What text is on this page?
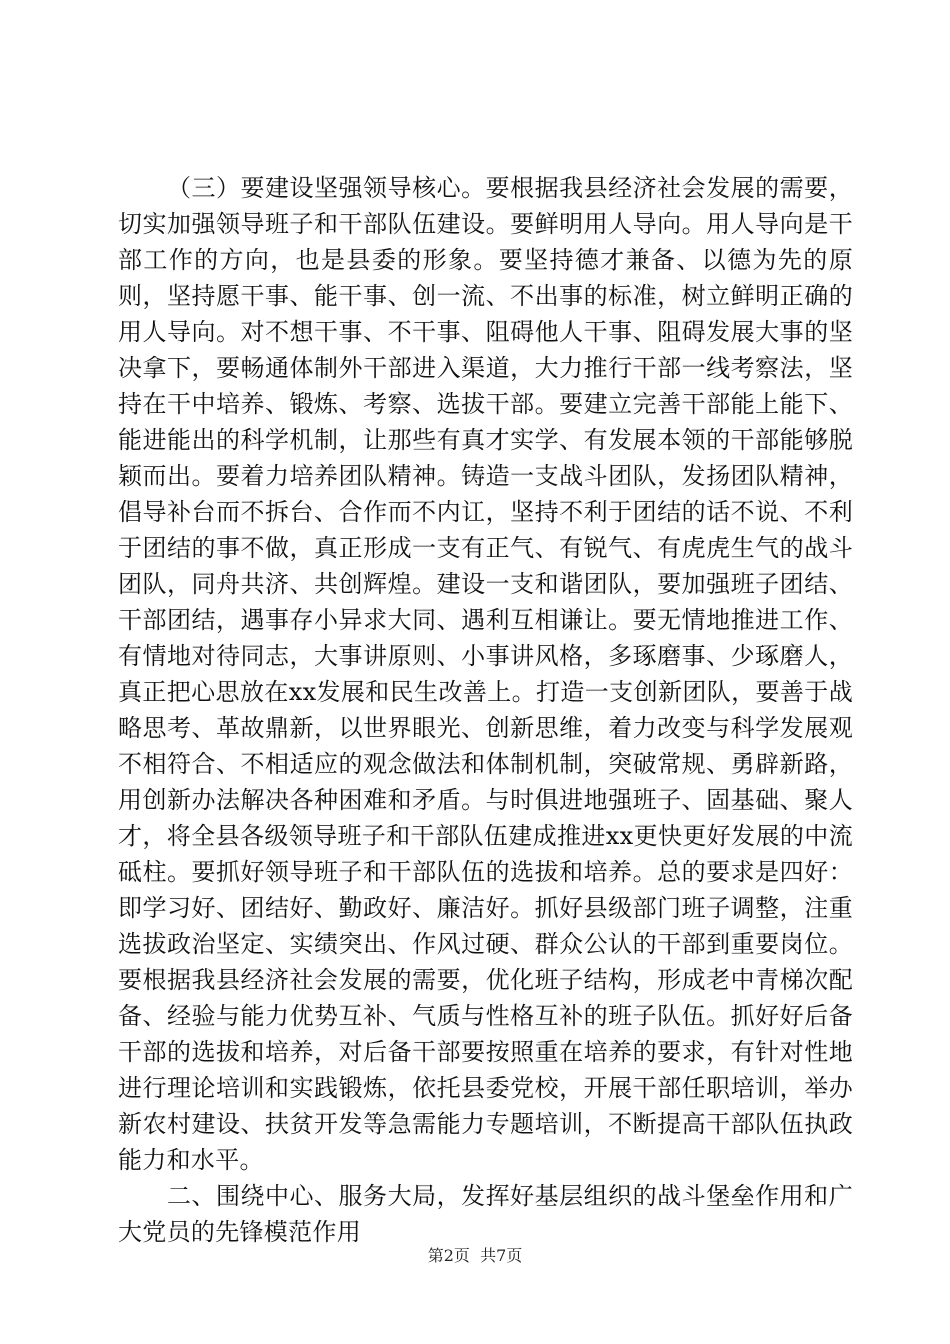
（三）要建设坚强领导核心。要根据我县经济社会发展的需要，切实加强领导班子和干部队伍建设。要鲜明用人导向。用人导向是干部工作的方向，也是县委的形象。要坚持德才兼备、以德为先的原则，坚持愿干事、能干事、创一流、不出事的标准，树立鲜明正确的用人导向。对不想干事、不干事、阻碍他人干事、阻碍发展大事的坚决拿下，要畅通体制外干部进入渠道，大力推行干部一线考察法，坚持在干中培养、锻炼、考察、选拔干部。要建立完善干部能上能下、能进能出的科学机制，让那些有真才实学、有发展本领的干部能够脱颖而出。要着力培养团队精神。铸造一支战斗团队，发扬团队精神，倡导补台而不拆台、合作而不内讧，坚持不利于团结的话不说、不利于团结的事不做，真正形成一支有正气、有锐气、有虎虎生气的战斗团队，同舟共济、共创辉煌。建设一支和谐团队，要加强班子团结、干部团结，遇事存小异求大同、遇利互相谦让。要无情地推进工作、有情地对待同志，大事讲原则、小事讲风格，多琢磨事、少琢磨人，真正把心思放在xx发展和民生改善上。打造一支创新团队，要善于战略思考、革故鼎新，以世界眼光、创新思维，着力改变与科学发展观不相符合、不相适应的观念做法和体制机制，突破常规、勇辟新路，用创新办法解决各种困难和矛盾。与时俱进地强班子、固基础、聚人才，将全县各级领导班子和干部队伍建成推进xx更快更好发展的中流砥柱。要抓好领导班子和干部队伍的选拔和培养。总的要求是四好：即学习好、团结好、勤政好、廉洁好。抓好县级部门班子调整，注重选拔政治坚定、实绩突出、作风过硬、群众公认的干部到重要岗位。要根据我县经济社会发展的需要，优化班子结构，形成老中青梯次配备、经验与能力优势互补、气质与性格互补的班子队伍。抓好好后备干部的选拔和培养，对后备干部要按照重在培养的要求，有针对性地进行理论培训和实践锻炼，依托县委党校，开展干部任职培训，举办新农村建设、扶贫开发等急需能力专题培训，不断提高干部队伍执政能力和水平。

二、围绕中心、服务大局，发挥好基层组织的战斗堡垒作用和广大党员的先锋模范作用

第2页  共7页
